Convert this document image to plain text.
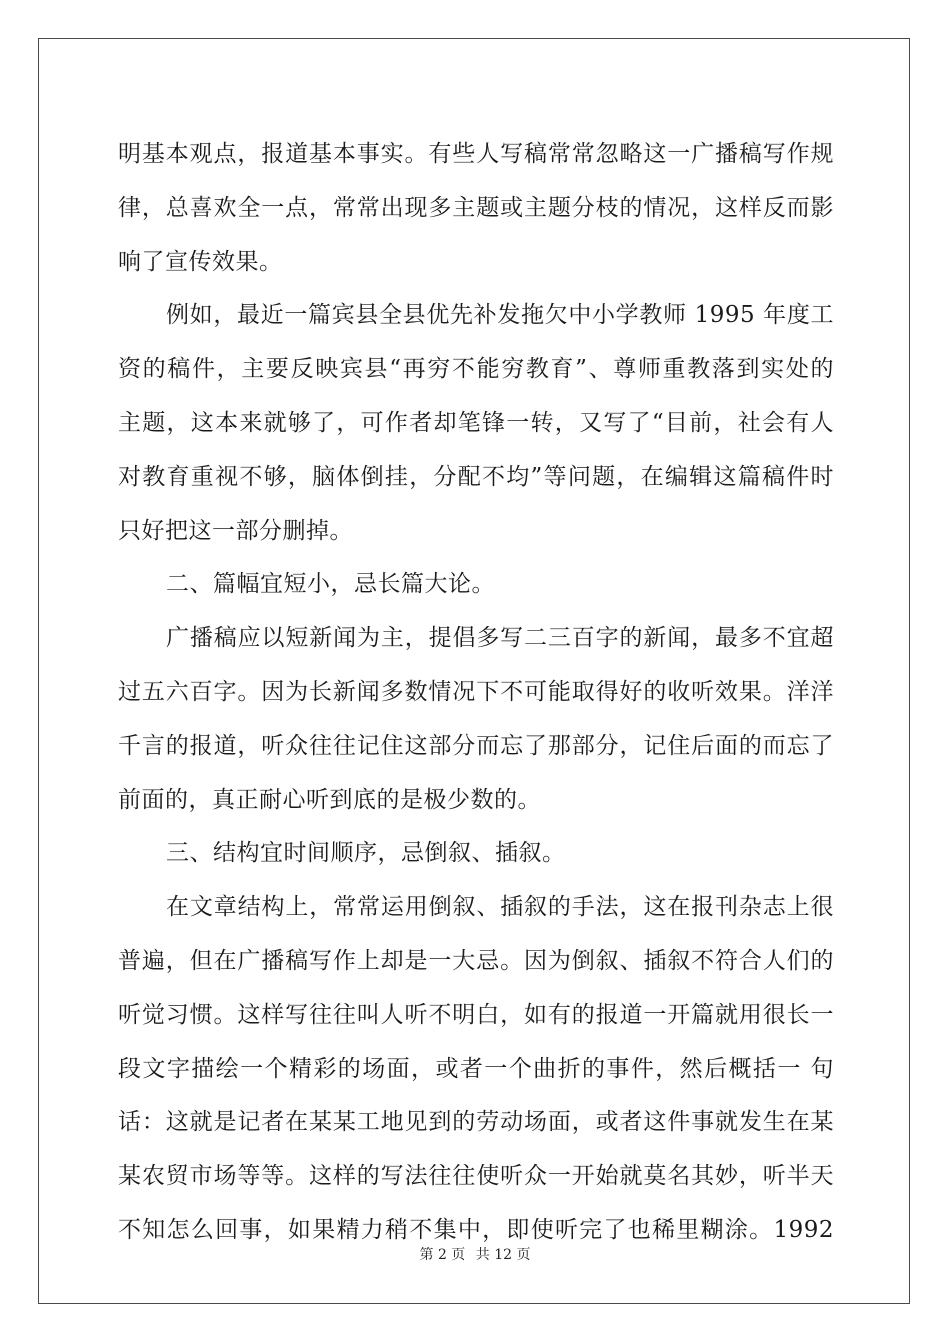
明基本观点，报道基本事实。有些人写稿常常忽略这一广播稿写作规
律，总喜欢全一点，常常出现多主题或主题分枝的情况，这样反而影
响了宣传效果。
例如，最近一篇宾县全县优先补发拖欠中小学教师 1995 年度工
资的稿件，主要反映宾县“再穷不能穷教育”、尊师重教落到实处的
主题，这本来就够了，可作者却笔锋一转，又写了“目前，社会有人
对教育重视不够，脑体倒挂，分配不均”等问题，在编辑这篇稿件时
只好把这一部分删掉。
二、篇幅宜短小，忌长篇大论。
广播稿应以短新闻为主，提倡多写二三百字的新闻，最多不宜超
过五六百字。因为长新闻多数情况下不可能取得好的收听效果。洋洋
千言的报道，听众往往记住这部分而忘了那部分，记住后面的而忘了
前面的，真正耐心听到底的是极少数的。
三、结构宜时间顺序，忌倒叙、插叙。
在文章结构上，常常运用倒叙、插叙的手法，这在报刊杂志上很
普遍，但在广播稿写作上却是一大忌。因为倒叙、插叙不符合人们的
听觉习惯。这样写往往叫人听不明白，如有的报道一开篇就用很长一
段文字描绘一个精彩的场面，或者一个曲折的事件，然后概括一 句
话：这就是记者在某某工地见到的劳动场面，或者这件事就发生在某
某农贸市场等等。这样的写法往往使听众一开始就莫名其妙，听半天
不知怎么回事，如果精力稍不集中，即使听完了也稀里糊涂。1992
第 2 页 共 12 页
